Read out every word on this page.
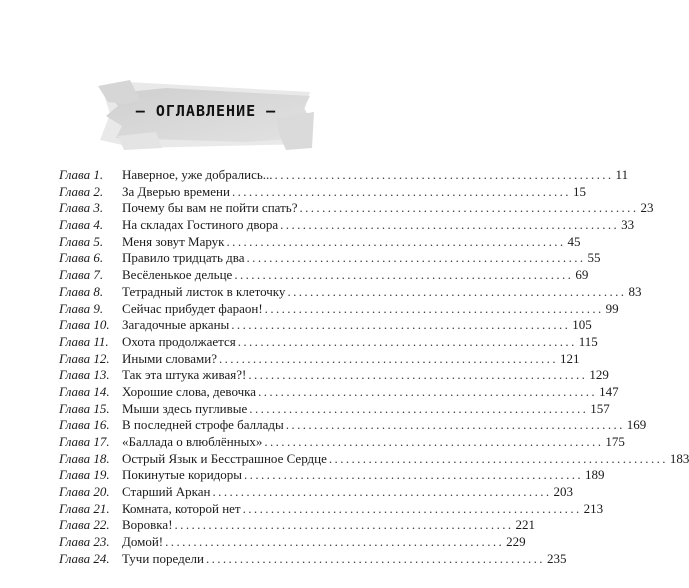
– ОГЛАВЛЕНИЕ –
Глава 1.	Наверное, уже добрались... ............................................................ 11
Глава 2.	За Дверью времени ............................................................ 15
Глава 3.	Почему бы вам не пойти спать? ............................................................ 23
Глава 4.	На складах Гостиного двора ............................................................ 33
Глава 5.	Меня зовут Марук ............................................................ 45
Глава 6.	Правило тридцать два ............................................................ 55
Глава 7.	Весёленькое дельце ............................................................ 69
Глава 8.	Тетрадный листок в клеточку ............................................................ 83
Глава 9.	Сейчас прибудет фараон! ............................................................ 99
Глава 10. Загадочные арканы ............................................................ 105
Глава 11.	Охота продолжается ............................................................ 115
Глава 12. Иными словами? ............................................................ 121
Глава 13. Так эта штука живая?! ............................................................ 129
Глава 14. Хорошие слова, девочка ............................................................ 147
Глава 15. Мыши здесь пугливые ............................................................ 157
Глава 16. В последней строфе баллады ............................................................ 169
Глава 17. «Баллада о влюблённых» ............................................................ 175
Глава 18. Острый Язык и Бесстрашное Сердце ............................................................ 183
Глава 19. Покинутые коридоры ............................................................ 189
Глава 20. Старший Аркан ............................................................ 203
Глава 21. Комната, которой нет ............................................................ 213
Глава 22. Воровка! ............................................................ 221
Глава 23. Домой! ............................................................ 229
Глава 24. Тучи поредели ............................................................ 235
